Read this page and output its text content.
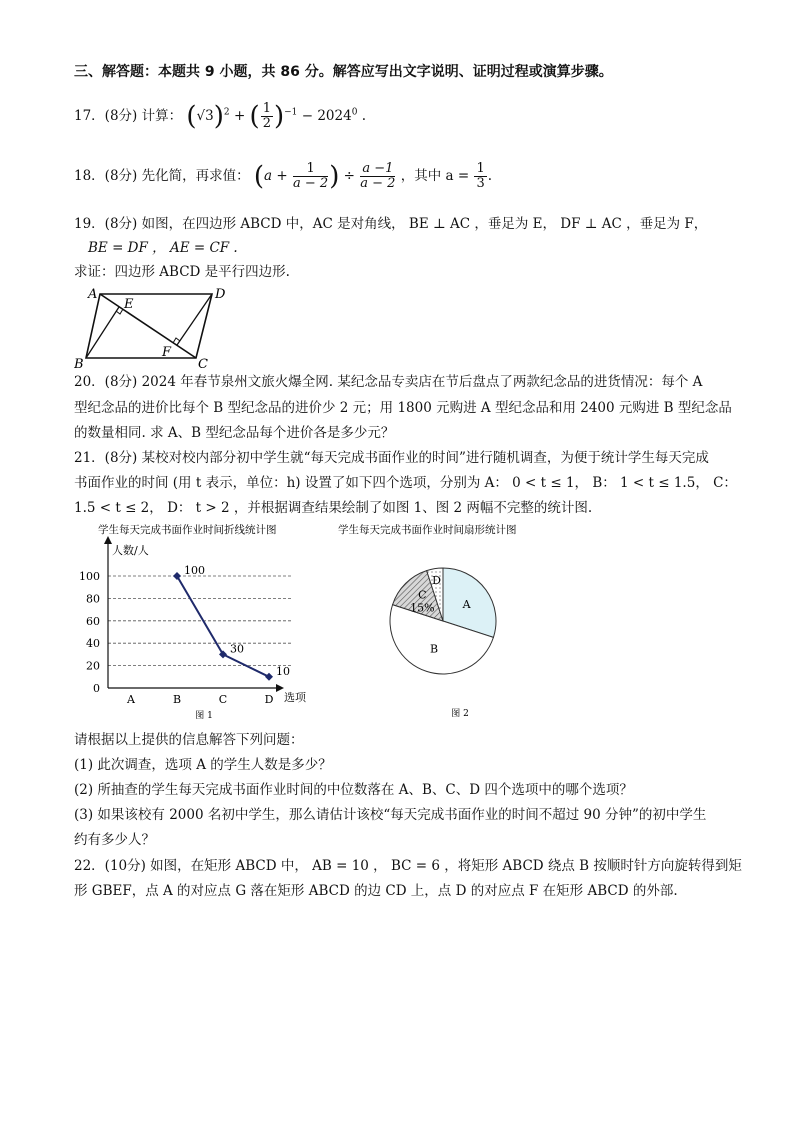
三、解答题：本题共 9 小题，共 86 分。解答应写出文字说明、证明过程或演算步骤。
17．(8分) 计算： $(√3)^2$ + ( $\frac{1}{2} )^{-1} - 2024^0$ .
18．(8分) 先化简，再求值： ($a + \frac{1}{a - 2}$ ) ÷ $\frac{a -1}{a - 2}$ ，其中 $a = \frac{1}{3}$ .
19．(8分) 如图，在四边形 ABCD 中，AC 是对角线， BE ⊥ AC ，垂足为 E， DF ⊥ AC ，垂足为 F，
BE = DF ， AE = CF .
求证：四边形 ABCD 是平行四边形.
A	D
B	C
E
F
20．(8分) 2024 年春节泉州文旅火爆全网. 某纪念品专卖店在节后盘点了两款纪念品的进货情况：每个 A
型纪念品的进价比每个 B 型纪念品的进价少 2 元；用 1800 元购进 A 型纪念品和用 2400 元购进 B 型纪念品
的数量相同. 求 A、B 型纪念品每个进价各是多少元？
21．(8分) 某校对校内部分初中学生就“每天完成书面作业的时间”进行随机调查，为便于统计学生每天完成
书面作业的时间 (用 t 表示，单位：h) 设置了如下四个选项，分别为 A： 0 < t ≤ 1， B： 1 < t ≤ 1.5， C：
1.5 < t ≤ 2， D： t > 2 ，并根据调查结果绘制了如图 1、图 2 两幅不完整的统计图.
学生每天完成书面作业时间折线统计图
人数/人
选项
0
20
40
60
80
100
A	B	C	D
100
30
10
图 1
学生每天完成书面作业时间扇形统计图
A
B
C
15%
D
图 2
请根据以上提供的信息解答下列问题：
(1) 此次调查，选项 A 的学生人数是多少？
(2) 所抽查的学生每天完成书面作业时间的中位数落在 A、B、C、D 四个选项中的哪个选项？
(3) 如果该校有 2000 名初中学生，那么请估计该校“每天完成书面作业的时间不超过 90 分钟”的初中学生
约有多少人？
22．(10分) 如图，在矩形 ABCD 中， AB = 10 ， BC = 6 ，将矩形 ABCD 绕点 B 按顺时针方向旋转得到矩
形 GBEF，点 A 的对应点 G 落在矩形 ABCD 的边 CD 上，点 D 的对应点 F 在矩形 ABCD 的外部.
